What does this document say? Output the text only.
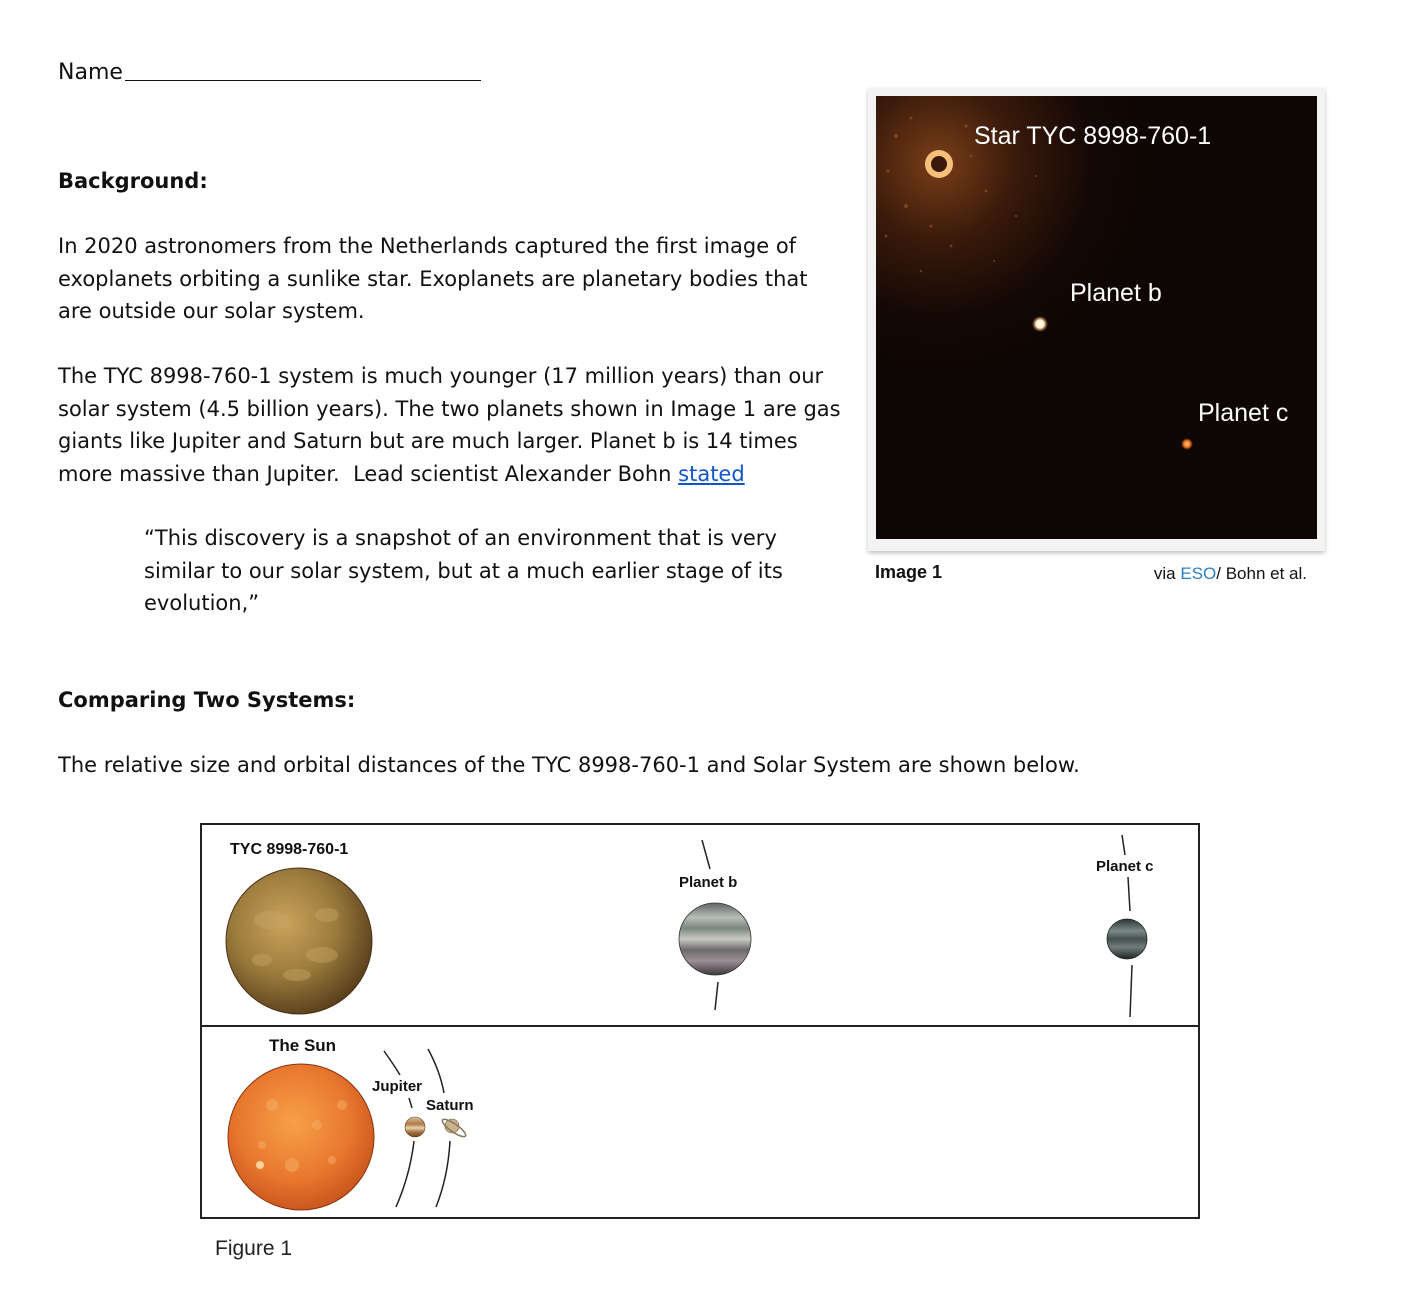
Name
Background:

In 2020 astronomers from the Netherlands captured the first image of

exoplanets orbiting a sunlike star. Exoplanets are planetary bodies that

are outside our solar system.

The TYC 8998-760-1 system is much younger (17 million years) than our

solar system (4.5 billion years). The two planets shown in Image 1 are gas

giants like Jupiter and Saturn but are much larger. Planet b is 14 times

more massive than Jupiter.  Lead scientist Alexander Bohn stated

“This discovery is a snapshot of an environment that is very

similar to our solar system, but at a much earlier stage of its

evolution,”

Comparing Two Systems:
The relative size and orbital distances of the TYC 8998-760-1 and Solar System are shown below.
Star TYC 8998-760-1
Planet b
Planet c
Image 1	via ESO/ Bohn et al.
TYC 8998-760-1
Planet b
Planet c
The Sun
Jupiter
Saturn
Figure 1
